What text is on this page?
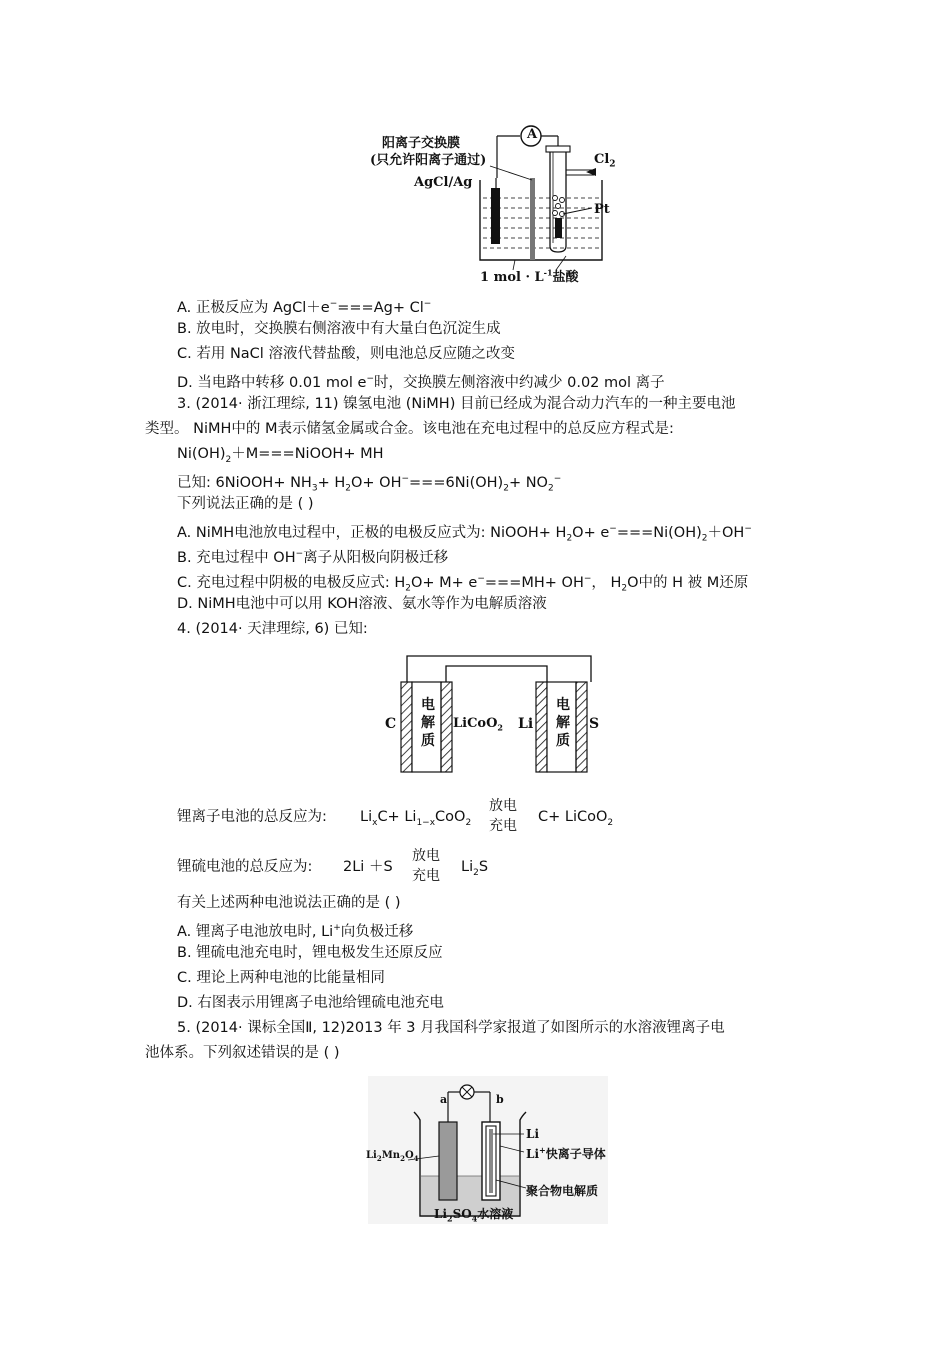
阳离子交换膜
(只允许阳离子通过)
AgCl/Ag
A
$Cl_2$
Pt
1 mol · $L^{-1}$盐酸
A. 正极反应为 AgCl＋e−===Ag+ Cl−
B. 放电时，交换膜右侧溶液中有大量白色沉淀生成
C. 若用 NaCl 溶液代替盐酸，则电池总反应随之改变
D. 当电路中转移 0.01 mol e−时，交换膜左侧溶液中约减少 0.02 mol 离子
3. (2014· 浙江理综, 11) 镍氢电池 (NiMH) 目前已经成为混合动力汽车的一种主要电池
类型。 NiMH中的 M表示储氢金属或合金。该电池在充电过程中的总反应方程式是:
$Ni(OH)_2+M===NiOOH+$ MH
已知: 6NiOOH+ $NH_3+ H_2O+ OH^-===6Ni(OH)_2+ NO_2^-$
下列说法正确的是 ( )
A. NiMH电池放电过程中，正极的电极反应式为: NiOOH+ $H_2O+ e^-===Ni(OH)_2+OH^-$
B. 充电过程中 OH−离子从阳极向阴极迁移
C. 充电过程中阴极的电极反应式: $H_2O+ M+ e^-===MH+ OH^-$， $H_2O$中的 H 被 M还原
D. NiMH电池中可以用 KOH溶液、氨水等作为电解质溶液
4. (2014· 天津理综, 6) 已知:
C
电
解
质
LiCoO$_2$ Li
电
解
质
S
锂离子电池的总反应为: $Li_xC+ Li_{1-x}CoO_2$
放电
充电
C+ LiCoO$_2$
锂硫电池的总反应为: 2Li ＋S
放电
充电
$Li_2S$
有关上述两种电池说法正确的是 ( )
A. 锂离子电池放电时, Li+向负极迁移
B. 锂硫电池充电时，锂电极发生还原反应
C. 理论上两种电池的比能量相同
D. 右图表示用锂离子电池给锂硫电池充电
5. (2014· 课标全国Ⅱ, 12)2013 年 3 月我国科学家报道了如图所示的水溶液锂离子电
池体系。下列叙述错误的是 ( )
a	b
$Li_2Mn_2O_4$
Li
Li+快离子导体
聚合物电解质
$Li_2SO_4$水溶液
